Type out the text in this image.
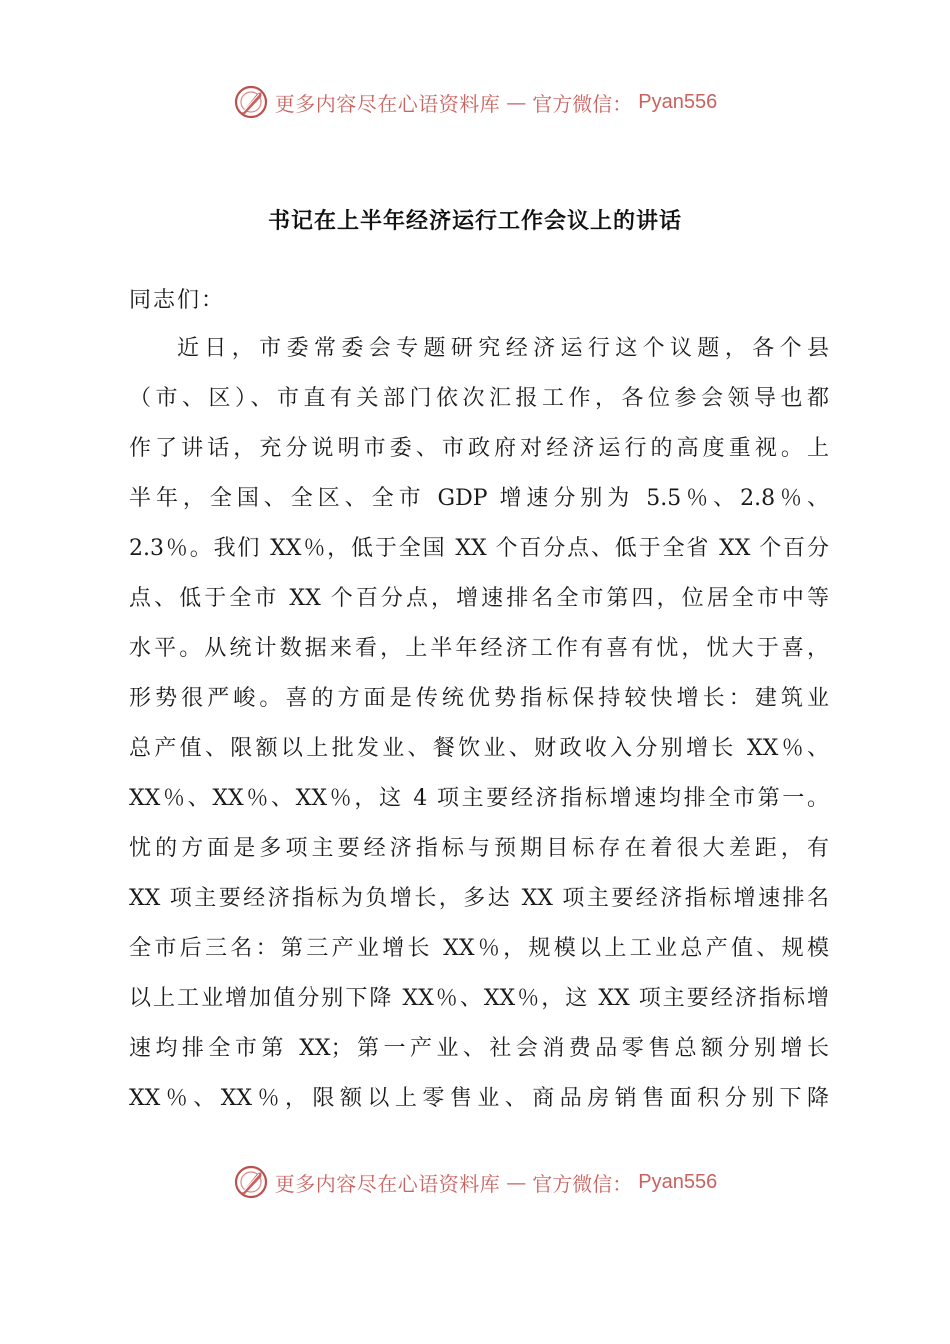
更多内容尽在心语资料库 — 官方微信： Pyan556
书记在上半年经济运行工作会议上的讲话
同志们：
近日，市委常委会专题研究经济运行这个议题，各个县
（市、区）、市直有关部门依次汇报工作，各位参会领导也都
作了讲话，充分说明市委、市政府对经济运行的高度重视。上
半年，全国、全区、全市 GDP 增速分别为 5.5％、2.8％、
2.3％。我们 XX％，低于全国 XX 个百分点、低于全省 XX 个百分
点、低于全市 XX 个百分点，增速排名全市第四，位居全市中等
水平。从统计数据来看，上半年经济工作有喜有忧，忧大于喜，
形势很严峻。喜的方面是传统优势指标保持较快增长：建筑业
总产值、限额以上批发业、餐饮业、财政收入分别增长 XX％、
XX％、XX％、XX％，这 4 项主要经济指标增速均排全市第一。
忧的方面是多项主要经济指标与预期目标存在着很大差距，有
XX 项主要经济指标为负增长，多达 XX 项主要经济指标增速排名
全市后三名：第三产业增长 XX％，规模以上工业总产值、规模
以上工业增加值分别下降 XX％、XX％，这 XX 项主要经济指标增
速均排全市第 XX；第一产业、社会消费品零售总额分别增长
XX％、XX％，限额以上零售业、商品房销售面积分别下降
更多内容尽在心语资料库 — 官方微信： Pyan556
